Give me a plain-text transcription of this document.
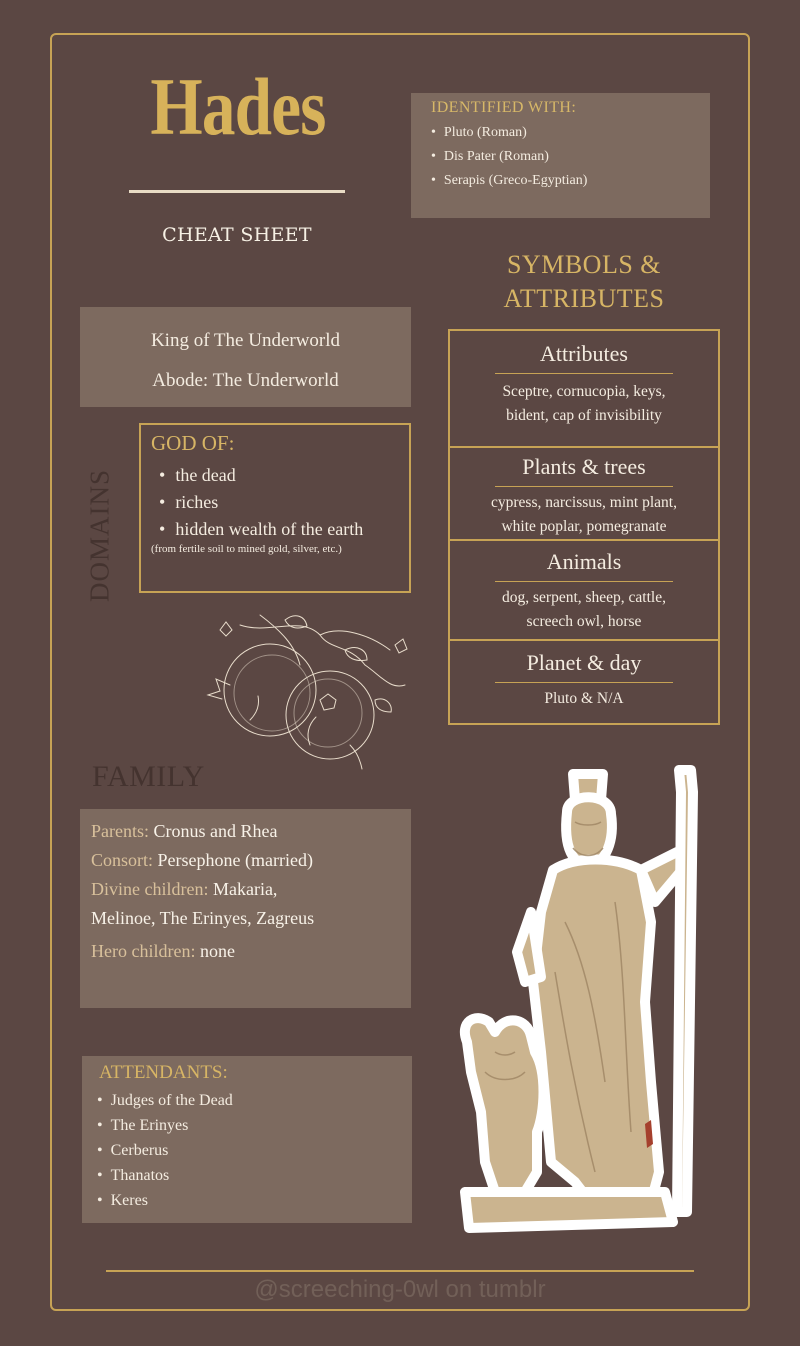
Hades
CHEAT SHEET
IDENTIFIED WITH:
• Pluto (Roman)
• Dis Pater (Roman)
• Serapis (Greco-Egyptian)
SYMBOLS &
ATTRIBUTES
King of The Underworld
Abode: The Underworld
DOMAINS
GOD OF:
• the dead
• riches
• hidden wealth of the earth
(from fertile soil to mined gold, silver, etc.)
Attributes
Sceptre, cornucopia, keys,
bident, cap of invisibility
Plants & trees
cypress, narcissus, mint plant,
white poplar, pomegranate
Animals
dog, serpent, sheep, cattle,
screech owl, horse
Planet & day
Pluto & N/A
FAMILY
Parents: Cronus and Rhea
Consort: Persephone (married)
Divine children: Makaria,
Melinoe, The Erinyes, Zagreus
Hero children: none
ATTENDANTS:
• Judges of the Dead
• The Erinyes
• Cerberus
• Thanatos
• Keres
@screeching-0wl on tumblr
